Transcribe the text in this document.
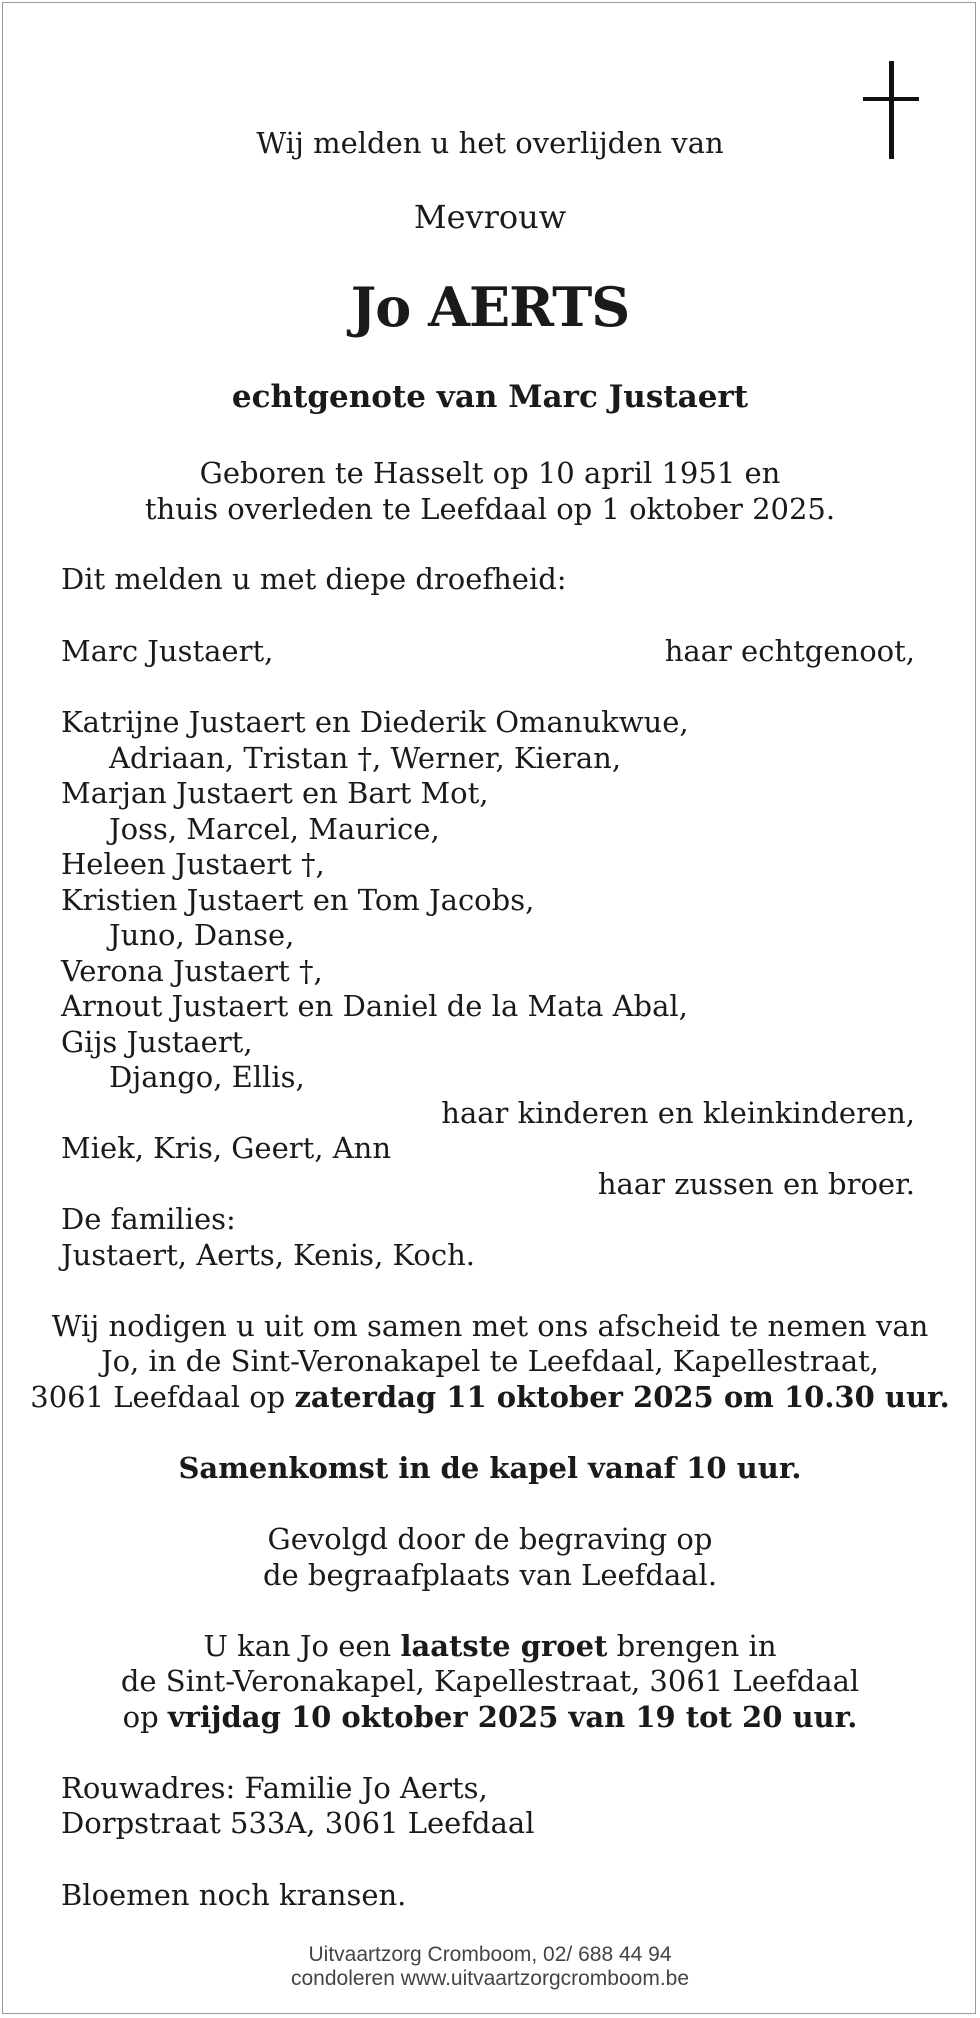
Wij melden u het overlijden van
Mevrouw
Jo AERTS
echtgenote van Marc Justaert
Geboren te Hasselt op 10 april 1951 en
thuis overleden te Leefdaal op 1 oktober 2025.
Dit melden u met diepe droefheid:
Marc Justaert,	haar echtgenoot,
Katrijne Justaert en Diederik Omanukwue,
Adriaan, Tristan †, Werner, Kieran,
Marjan Justaert en Bart Mot,
Joss, Marcel, Maurice,
Heleen Justaert †,
Kristien Justaert en Tom Jacobs,
Juno, Danse,
Verona Justaert †,
Arnout Justaert en Daniel de la Mata Abal,
Gijs Justaert,
Django, Ellis,
haar kinderen en kleinkinderen,
Miek, Kris, Geert, Ann
haar zussen en broer.
De families:
Justaert, Aerts, Kenis, Koch.
Wij nodigen u uit om samen met ons afscheid te nemen van
Jo, in de Sint-Veronakapel te Leefdaal, Kapellestraat,
3061 Leefdaal op zaterdag 11 oktober 2025 om 10.30 uur.
Samenkomst in de kapel vanaf 10 uur.
Gevolgd door de begraving op
de begraafplaats van Leefdaal.
U kan Jo een laatste groet brengen in
de Sint-Veronakapel, Kapellestraat, 3061 Leefdaal
op vrijdag 10 oktober 2025 van 19 tot 20 uur.
Rouwadres: Familie Jo Aerts,
Dorpstraat 533A, 3061 Leefdaal
Bloemen noch kransen.
Uitvaartzorg Cromboom, 02/ 688 44 94
condoleren www.uitvaartzorgcromboom.be
